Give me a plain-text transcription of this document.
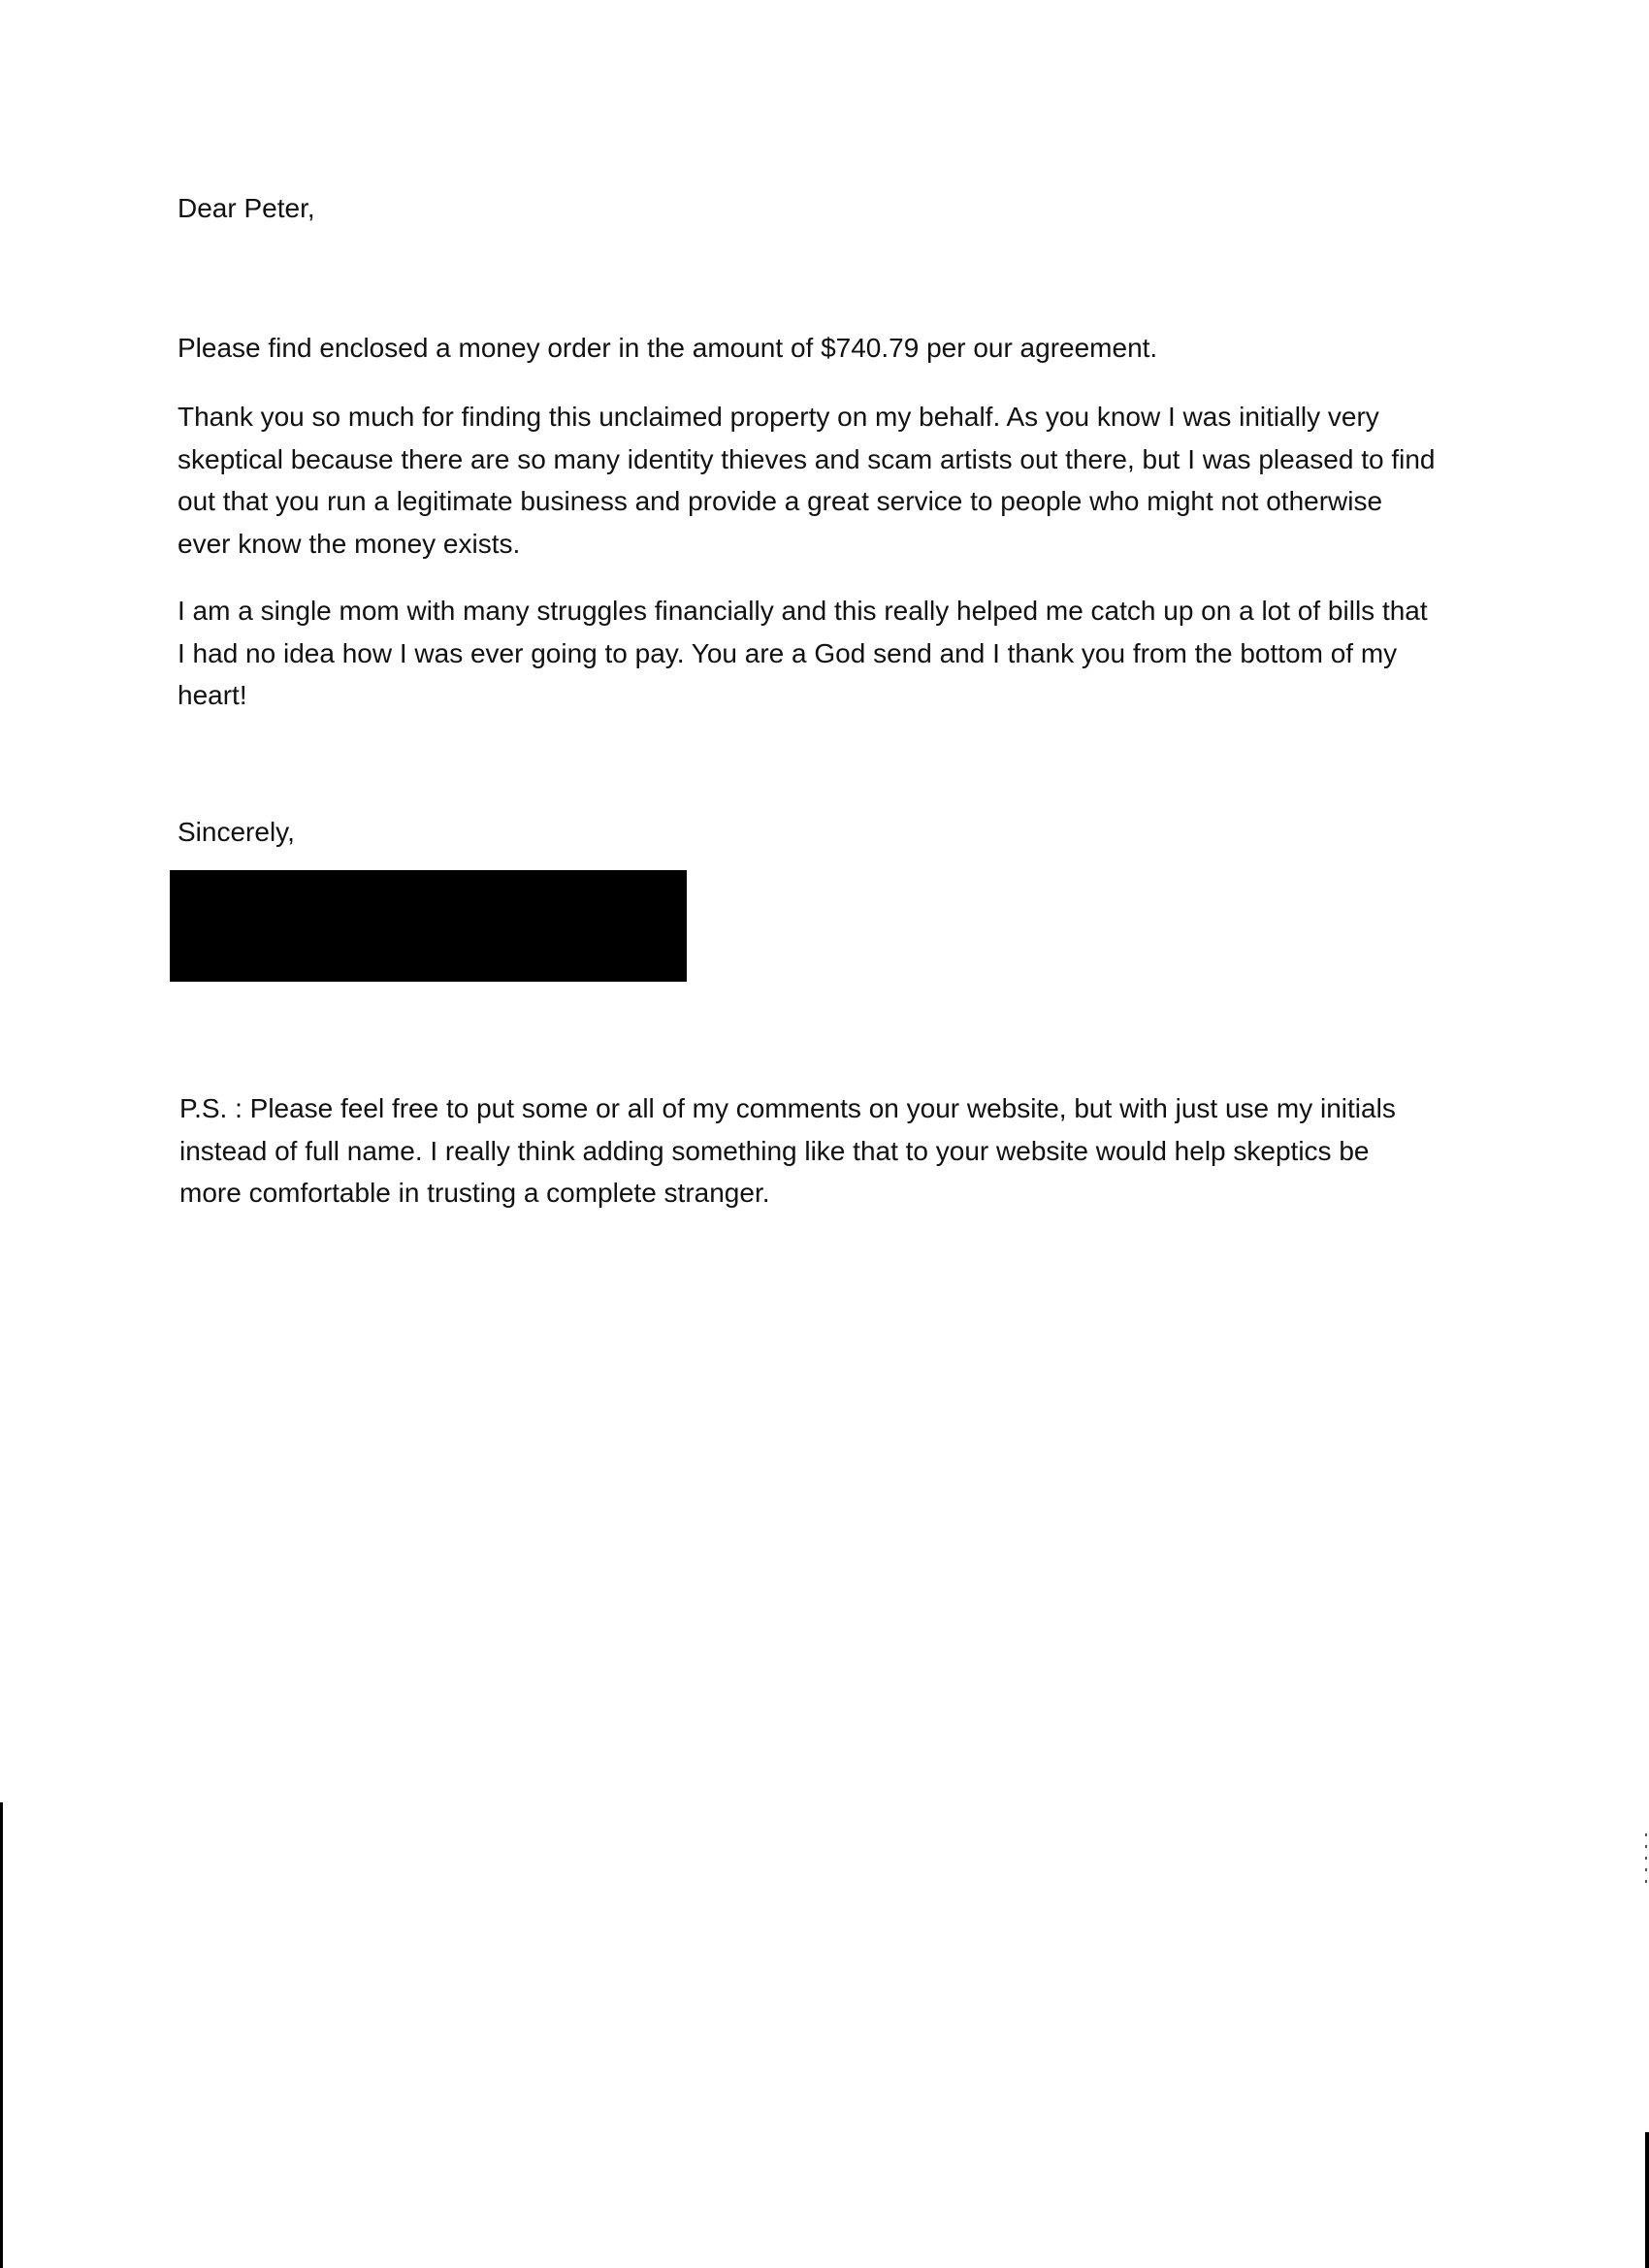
Dear Peter,
Please find enclosed a money order in the amount of $740.79 per our agreement.
Thank you so much for finding this unclaimed property on my behalf. As you know I was initially very
skeptical because there are so many identity thieves and scam artists out there, but I was pleased to find
out that you run a legitimate business and provide a great service to people who might not otherwise
ever know the money exists.
I am a single mom with many struggles financially and this really helped me catch up on a lot of bills that
I had no idea how I was ever going to pay. You are a God send and I thank you from the bottom of my
heart!
Sincerely,
P.S. : Please feel free to put some or all of my comments on your website, but with just use my initials
instead of full name. I really think adding something like that to your website would help skeptics be
more comfortable in trusting a complete stranger.
